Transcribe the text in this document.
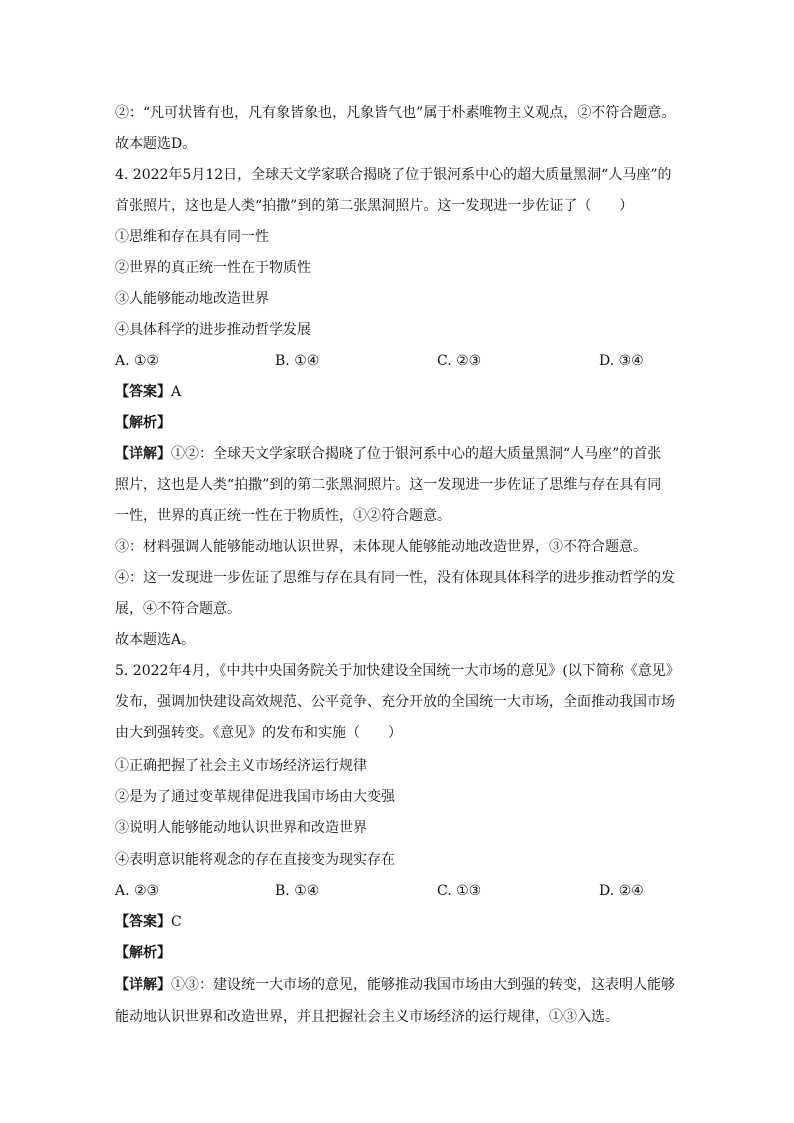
②：“凡可状皆有也，凡有象皆象也，凡象皆气也”属于朴素唯物主义观点，②不符合题意。
故本题选D。
4. 2022年5月12日，全球天文学家联合揭晓了位于银河系中心的超大质量黑洞“人马座”的
首张照片，这也是人类“拍撒”到的第二张黑洞照片。这一发现进一步佐证了（　　）
①思维和存在具有同一性
②世界的真正统一性在于物质性
③人能够能动地改造世界
④具体科学的进步推动哲学发展
A. ①②	B. ①④	C. ②③	D. ③④
【答案】A
【解析】
【详解】①②：全球天文学家联合揭晓了位于银河系中心的超大质量黑洞“人马座”的首张
照片，这也是人类“拍撒”到的第二张黑洞照片。这一发现进一步佐证了思维与存在具有同
一性，世界的真正统一性在于物质性，①②符合题意。
③：材料强调人能够能动地认识世界，未体现人能够能动地改造世界，③不符合题意。
④：这一发现进一步佐证了思维与存在具有同一性，没有体现具体科学的进步推动哲学的发
展，④不符合题意。
故本题选A。
5. 2022年4月，《中共中央国务院关于加快建设全国统一大市场的意见》(以下简称《意见》
发布，强调加快建设高效规范、公平竞争、充分开放的全国统一大市场，全面推动我国市场
由大到强转变。《意见》的发布和实施（　　）
①正确把握了社会主义市场经济运行规律
②是为了通过变革规律促进我国市场由大变强
③说明人能够能动地认识世界和改造世界
④表明意识能将观念的存在直接变为现实存在
A. ②③	B. ①④	C. ①③	D. ②④
【答案】C
【解析】
【详解】①③：建设统一大市场的意见，能够推动我国市场由大到强的转变，这表明人能够
能动地认识世界和改造世界，并且把握社会主义市场经济的运行规律，①③入选。
